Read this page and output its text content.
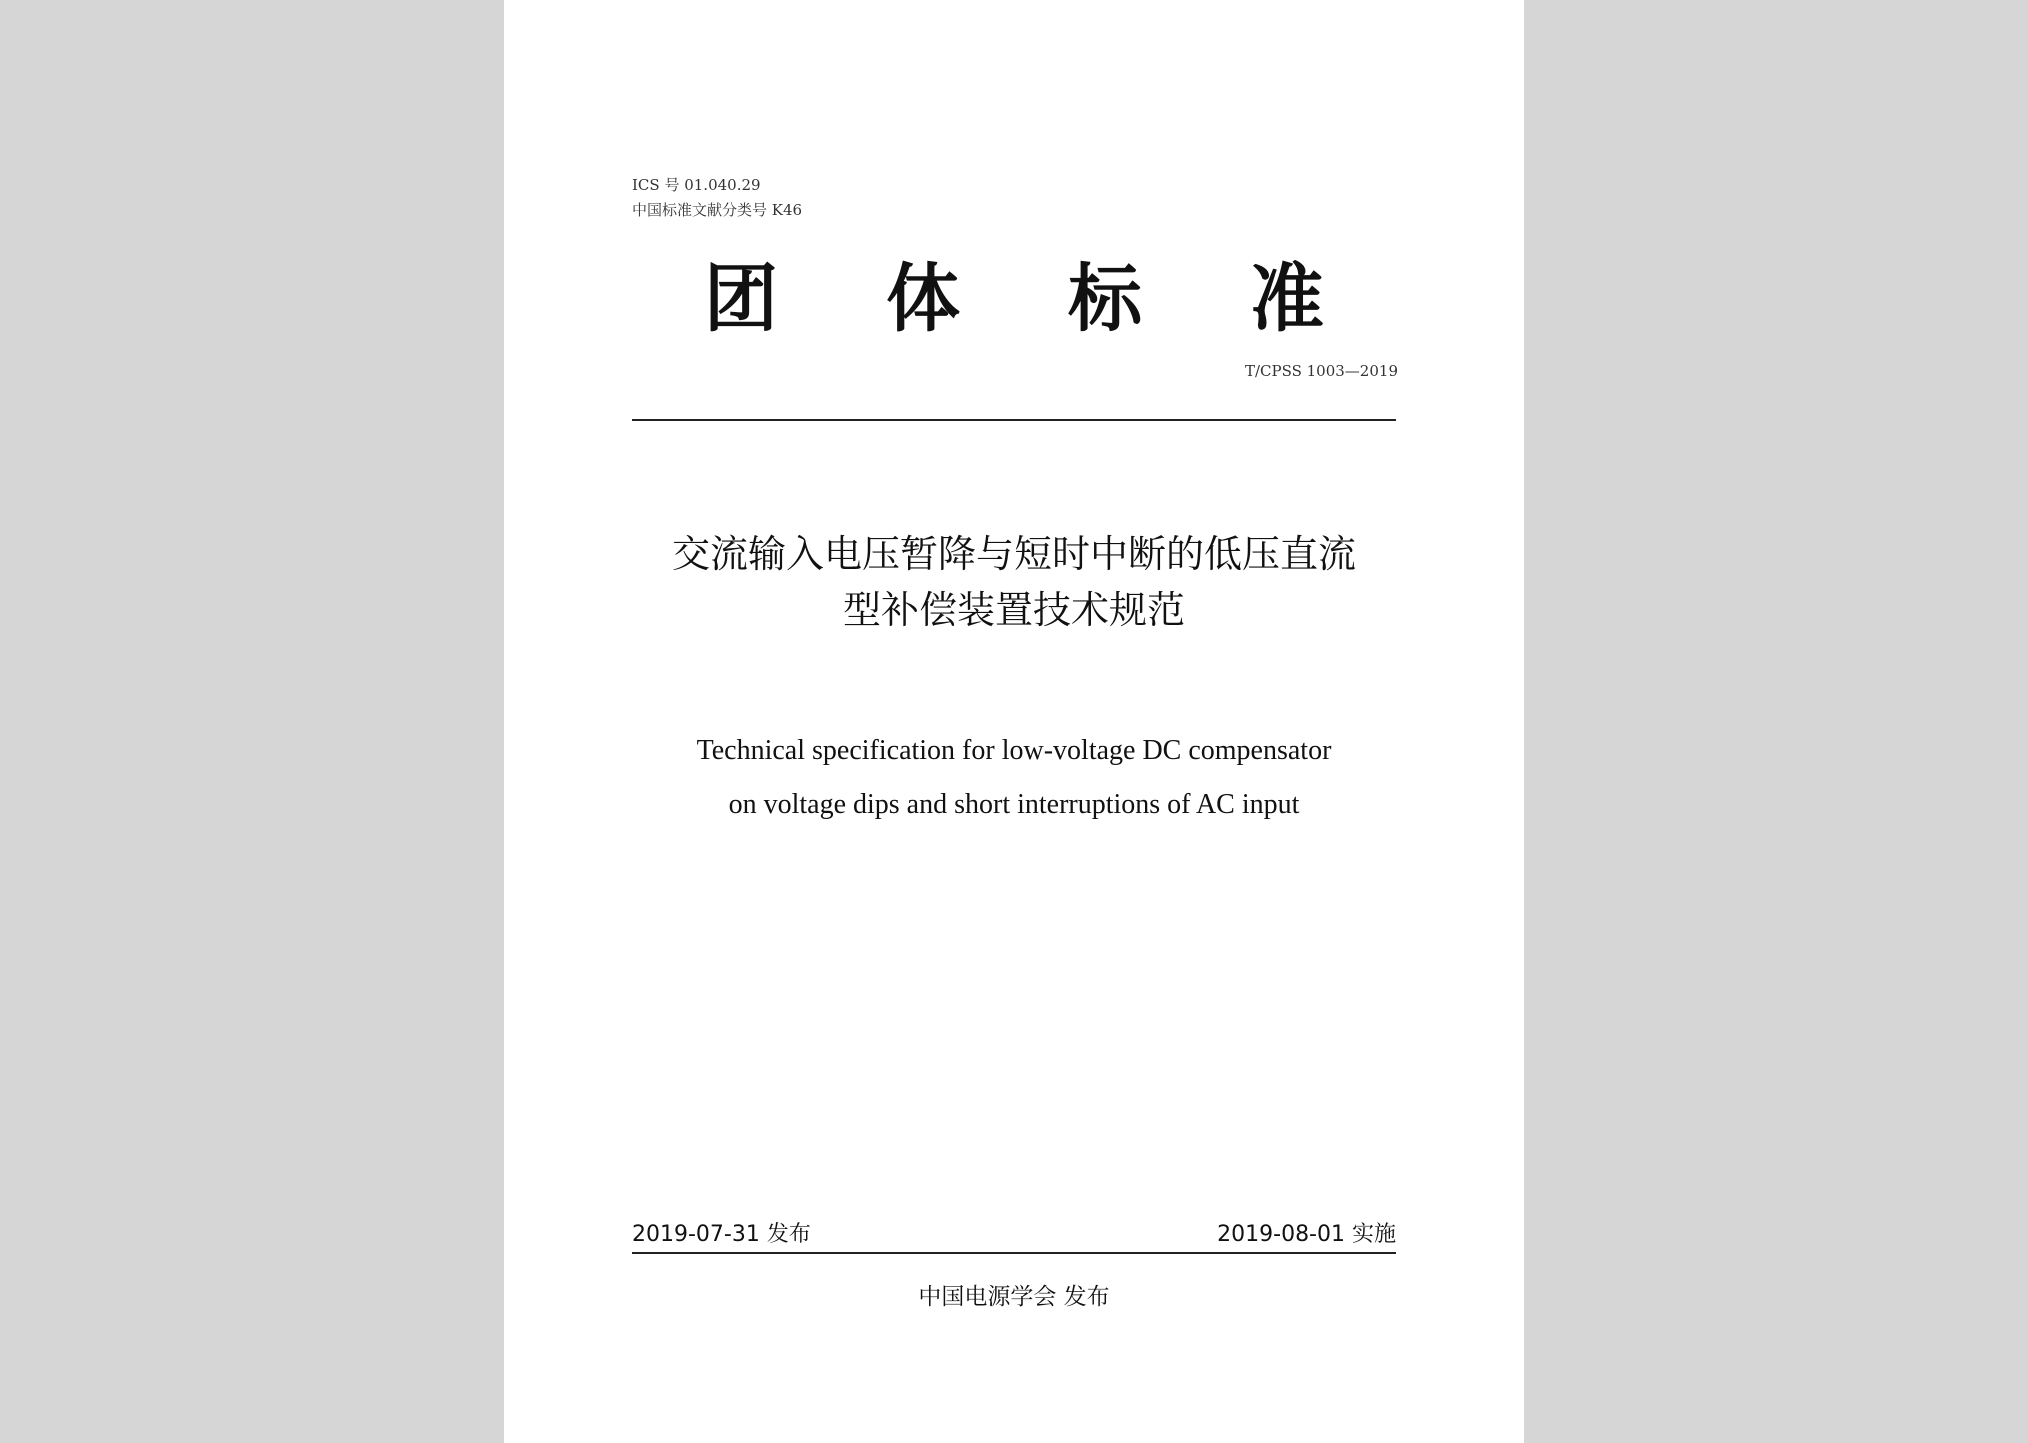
ICS 号 01.040.29
中国标准文献分类号 K46
团体标准
T/CPSS 1003—2019
交流输入电压暂降与短时中断的低压直流
型补偿装置技术规范
Technical specification for low-voltage DC compensator
on voltage dips and short interruptions of AC input
2019-07-31 发布	2019-08-01 实施
中国电源学会 发布
